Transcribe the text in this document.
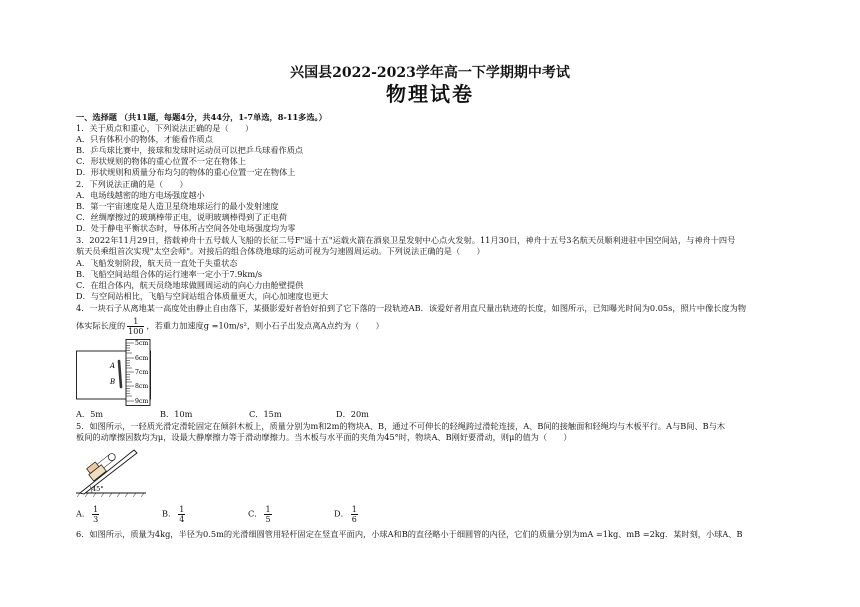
兴国县2022-2023学年高一下学期期中考试
物理试卷
一、选择题 （共11题，每题4分，共44分，1-7单选，8-11多选。）
1．关于质点和重心，下列说法正确的是（　　）
A．只有体积小的物体，才能看作质点
B．乒乓球比赛中，接球和发球时运动员可以把乒乓球看作质点
C．形状规则的物体的重心位置不一定在物体上
D．形状规则和质量分布均匀的物体的重心位置一定在物体上
2．下列说法正确的是（　　）
A．电场线越密的地方电场强度越小
B．第一宇宙速度是人造卫星绕地球运行的最小发射速度
C．丝绸摩擦过的玻璃棒带正电，说明玻璃棒得到了正电荷
D．处于静电平衡状态时，导体所占空间各处电场强度均为零
3．2022年11月29日，搭载神舟十五号载人飞船的长征二号F"遥十五"运载火箭在酒泉卫星发射中心点火发射。11月30日，神舟十五号3名航天员顺利进驻中国空间站，与神舟十四号
航天员乘组首次实现"太空会师"。对接后的组合体绕地球的运动可视为匀速圆周运动。下列说法正确的是（　　）
A．飞船发射阶段，航天员一直处于失重状态
B．飞船空间站组合体的运行速率一定小于7.9km/s
C．在组合体内，航天员绕地球做圆周运动的向心力由舱壁提供
D．与空间站相比，飞船与空间站组合体质量更大，向心加速度也更大
4．一块石子从离地某一高度处由静止自由落下，某摄影爱好者恰好拍到了它下落的一段轨迹AB．该爱好者用直尺量出轨迹的长度，如图所示，已知曝光时间为0.05s，照片中像长度为物
体实际长度的 $\frac{1}{100}$ ，若重力加速度g =10m/s²，则小石子出发点离A点约为（　　）
5cm
6cm
7cm
8cm
9cm
A
B
A．5m	B．10m	C．15m	D．20m
5．如图所示，一轻质光滑定滑轮固定在倾斜木板上，质量分别为m和2m的物块A、B，通过不可伸长的轻绳跨过滑轮连接，A、B间的接触面和轻绳均与木板平行。A与B间、B与木
板间的动摩擦因数均为μ，设最大静摩擦力等于滑动摩擦力。当木板与水平面的夹角为45°时，物块A、B刚好要滑动，则μ的值为（　　）
45°
A． $\frac{1}{3}$	B． $\frac{1}{4}$	C． $\frac{1}{5}$	D． $\frac{1}{6}$
6．如图所示，质量为4kg，半径为0.5m的光滑细圆管用轻杆固定在竖直平面内，小球A和B的直径略小于细圆管的内径，它们的质量分别为mA =1kg、mB =2kg．某时刻，小球A、B
